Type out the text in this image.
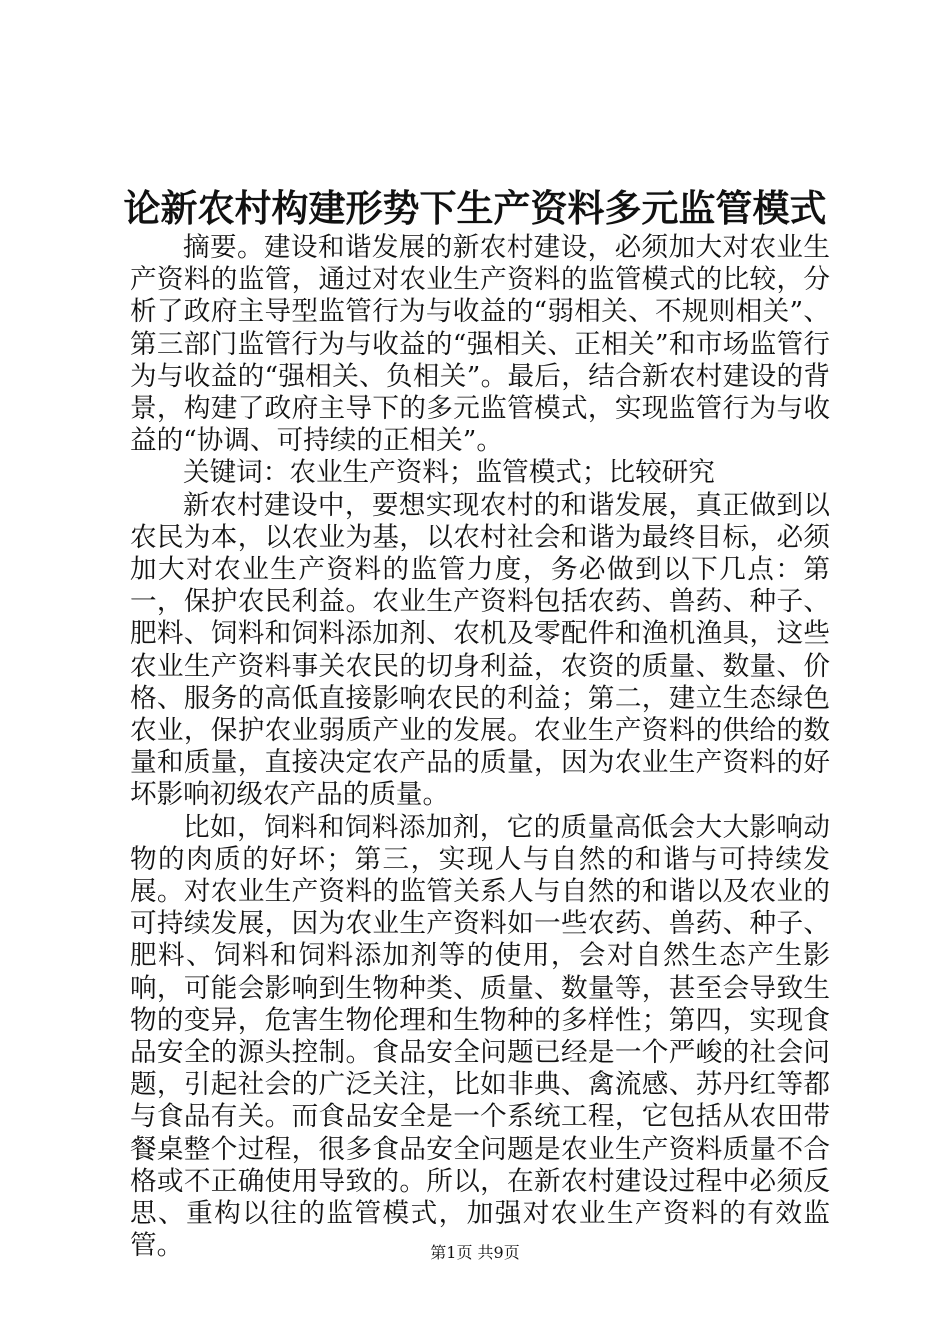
论新农村构建形势下生产资料多元监管模式

摘要。建设和谐发展的新农村建设，必须加大对农业生产资料的监管，通过对农业生产资料的监管模式的比较，分析了政府主导型监管行为与收益的“弱相关、不规则相关”、第三部门监管行为与收益的“强相关、正相关”和市场监管行为与收益的“强相关、负相关”。最后，结合新农村建设的背景，构建了政府主导下的多元监管模式，实现监管行为与收益的“协调、可持续的正相关”。

关键词：农业生产资料；监管模式；比较研究

新农村建设中，要想实现农村的和谐发展，真正做到以农民为本，以农业为基，以农村社会和谐为最终目标，必须加大对农业生产资料的监管力度，务必做到以下几点：第一，保护农民利益。农业生产资料包括农药、兽药、种子、肥料、饲料和饲料添加剂、农机及零配件和渔机渔具，这些农业生产资料事关农民的切身利益，农资的质量、数量、价格、服务的高低直接影响农民的利益；第二，建立生态绿色农业，保护农业弱质产业的发展。农业生产资料的供给的数量和质量，直接决定农产品的质量，因为农业生产资料的好坏影响初级农产品的质量。

比如，饲料和饲料添加剂，它的质量高低会大大影响动物的肉质的好坏；第三，实现人与自然的和谐与可持续发展。对农业生产资料的监管关系人与自然的和谐以及农业的可持续发展，因为农业生产资料如一些农药、兽药、种子、肥料、饲料和饲料添加剂等的使用，会对自然生态产生影响，可能会影响到生物种类、质量、数量等，甚至会导致生物的变异，危害生物伦理和生物种的多样性；第四，实现食品安全的源头控制。食品安全问题已经是一个严峻的社会问题，引起社会的广泛关注，比如非典、禽流感、苏丹红等都与食品有关。而食品安全是一个系统工程，它包括从农田带餐桌整个过程，很多食品安全问题是农业生产资料质量不合格或不正确使用导致的。所以，在新农村建设过程中必须反思、重构以往的监管模式，加强对农业生产资料的有效监管。	第1页 共9页
